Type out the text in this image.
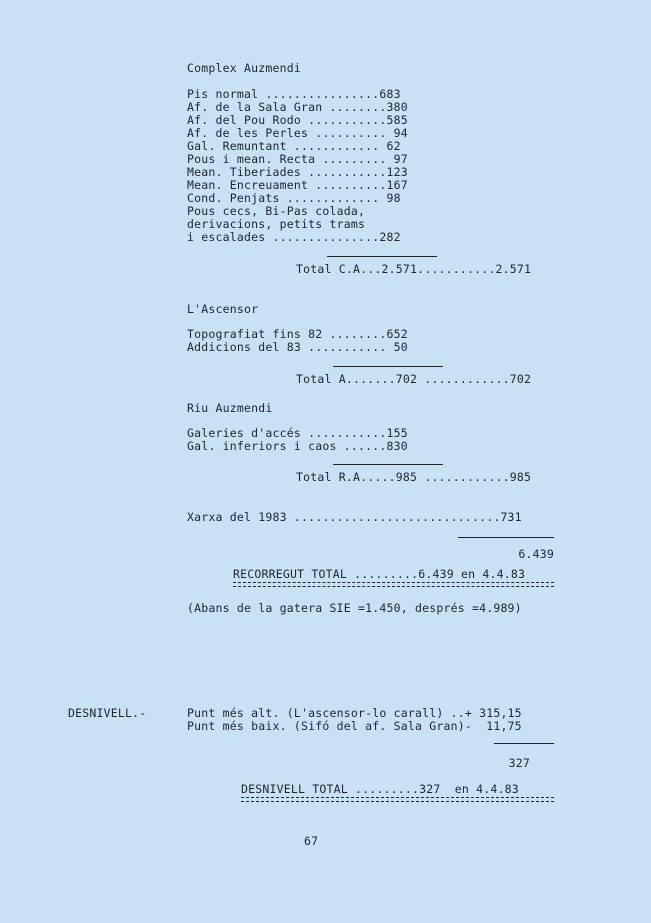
Complex Auzmendi
Pis normal ................683
Af. de la Sala Gran ........380
Af. del Pou Rodo ...........585
Af. de les Perles .......... 94
Gal. Remuntant ............ 62
Pous i mean. Recta ......... 97
Mean. Tiberiades ...........123
Mean. Encreuament ..........167
Cond. Penjats ............. 98
Pous cecs, Bi-Pas colada,
derivacions, petits trams
i escalades ...............282
Total C.A...2.571...........2.571
L'Ascensor
Topografiat fins 82 ........652
Addicions del 83 ........... 50
Total A.......702 ............702
Riu Auzmendi
Galeries d'accés ...........155
Gal. inferiors i caos ......830
Total R.A.....985 ............985
Xarxa del 1983 .............................731
6.439
RECORREGUT TOTAL .........6.439 en 4.4.83
(Abans de la gatera SIE =1.450, després =4.989)
DESNIVELL.-	Punt més alt. (L'ascensor-lo carall) ..+ 315,15
Punt més baix. (Sifó del af. Sala Gran)-  11,75
327
DESNIVELL TOTAL .........327  en 4.4.83
67
